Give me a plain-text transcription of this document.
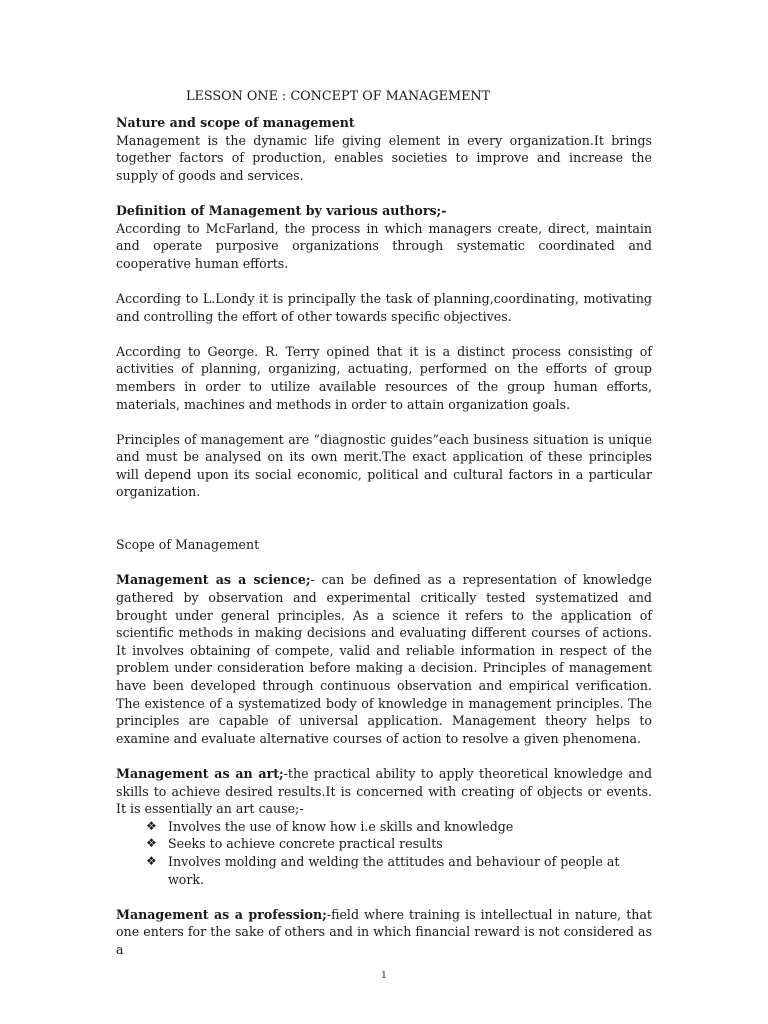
LESSON ONE : CONCEPT OF MANAGEMENT

Nature and scope of management

Management is the dynamic life giving element in every organization.It brings together factors of production, enables societies to improve and increase the supply of goods and services.

Definition of Management by various authors;-

According to McFarland, the process in which managers create, direct, maintain and operate purposive organizations through systematic coordinated and cooperative human efforts.

According to L.Londy it is principally the task of planning,coordinating, motivating and controlling the effort of other towards specific objectives.

According to George. R. Terry opined that it is a distinct process consisting of activities of planning, organizing, actuating, performed on the efforts of group members in order to utilize available resources of the group human efforts, materials, machines and methods in order to attain organization goals.

Principles of management are “diagnostic guides”each business situation is unique and must be analysed on its own merit.The exact application of these principles will depend upon its social economic, political and cultural factors in a particular organization.

Scope of Management

Management as a science;- can be defined as a representation of knowledge gathered by observation and experimental critically tested systematized and brought under general principles. As a science it refers to the application of scientific methods in making decisions and evaluating different courses of actions. It involves obtaining of compete, valid and reliable information in respect of the problem under consideration before making a decision. Principles of management have been developed through continuous observation and empirical verification. The existence of a systematized body of knowledge in management principles. The principles are capable of universal application. Management theory helps to examine and evaluate alternative courses of action to resolve a given phenomena.

Management as an art;-the practical ability to apply theoretical knowledge and skills to achieve desired results.It is concerned with creating of objects or events. It is essentially an art cause;-

❖ Involves the use of know how i.e skills and knowledge
❖ Seeks to achieve concrete practical results
❖ Involves molding and welding the attitudes and behaviour of people at work.

Management as a profession;-field where training is intellectual in nature, that one enters for the sake of others and in which financial reward is not considered as a

1
